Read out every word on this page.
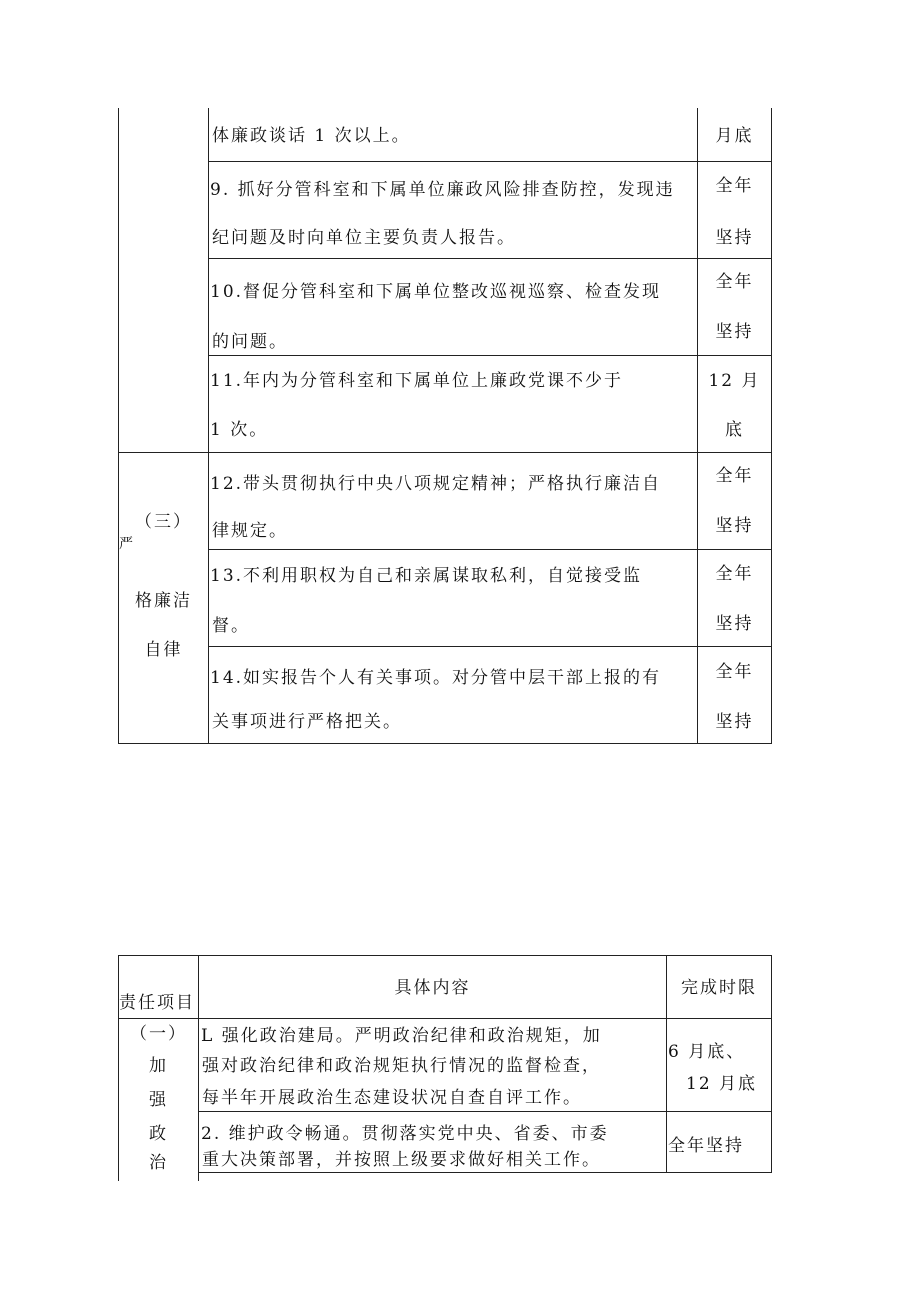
体廉政谈话 1 次以上。	月底
9. 抓好分管科室和下属单位廉政风险排查防控，发现违
纪问题及时向单位主要负责人报告。
全年
坚持
10.督促分管科室和下属单位整改巡视巡察、检查发现
的问题。
全年
坚持
11.年内为分管科室和下属单位上廉政党课不少于
1 次。
12 月
底
（三）
严
格廉洁
自律
12.带头贯彻执行中央八项规定精神；严格执行廉洁自
律规定。
全年
坚持
13.不利用职权为自己和亲属谋取私利，自觉接受监
督。
全年
坚持
14.如实报告个人有关事项。对分管中层干部上报的有
关事项进行严格把关。
全年
坚持
责任项目
具体内容	完成时限
（一）
加
强
政
治
L 强化政治建局。严明政治纪律和政治规矩，加
强对政治纪律和政治规矩执行情况的监督检查，
每半年开展政治生态建设状况自查自评工作。
6 月底、
12 月底
2. 维护政令畅通。贯彻落实党中央、省委、市委
重大决策部署，并按照上级要求做好相关工作。
全年坚持
